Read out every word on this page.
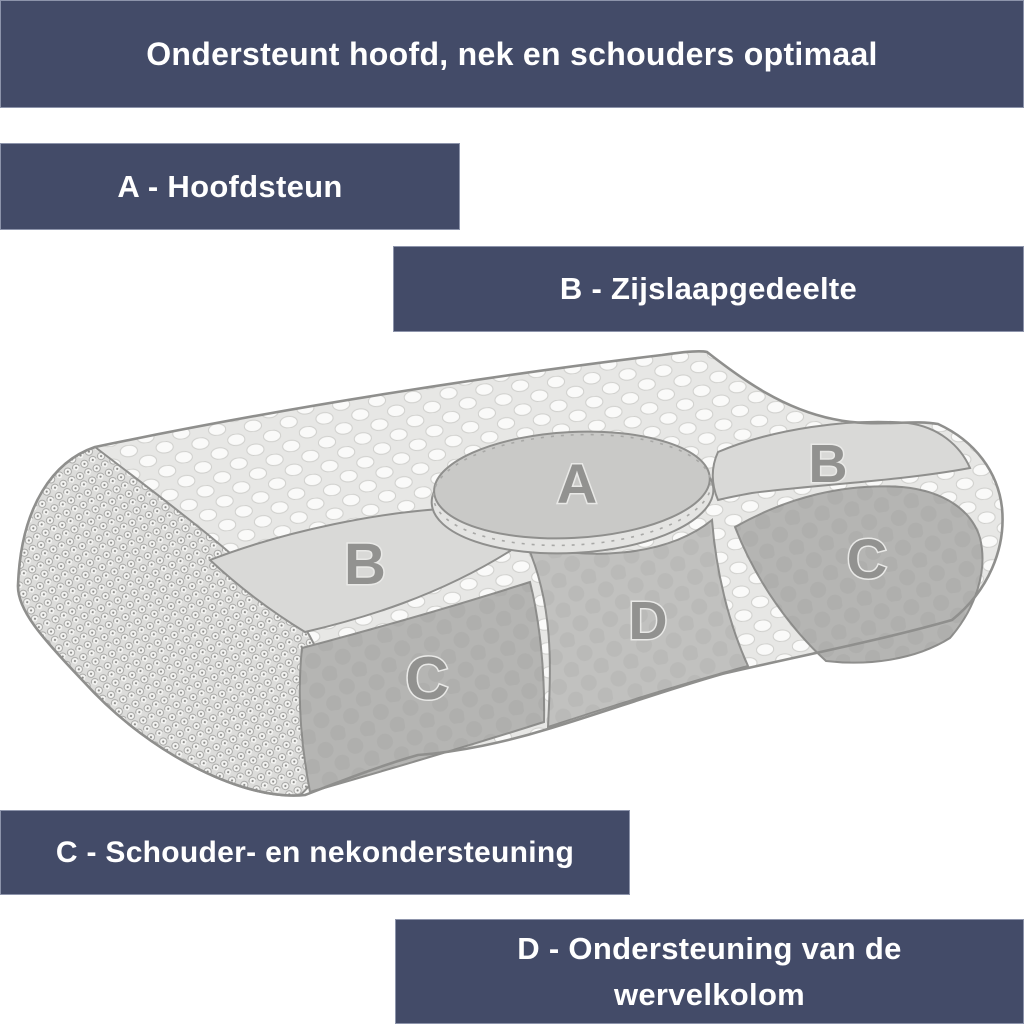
Ondersteunt hoofd, nek en schouders optimaal
A - Hoofdsteun
B - Zijslaapgedeelte
C - Schouder- en nekondersteuning
D - Ondersteuning van de
wervelkolom
A
B
B
C
C
D
